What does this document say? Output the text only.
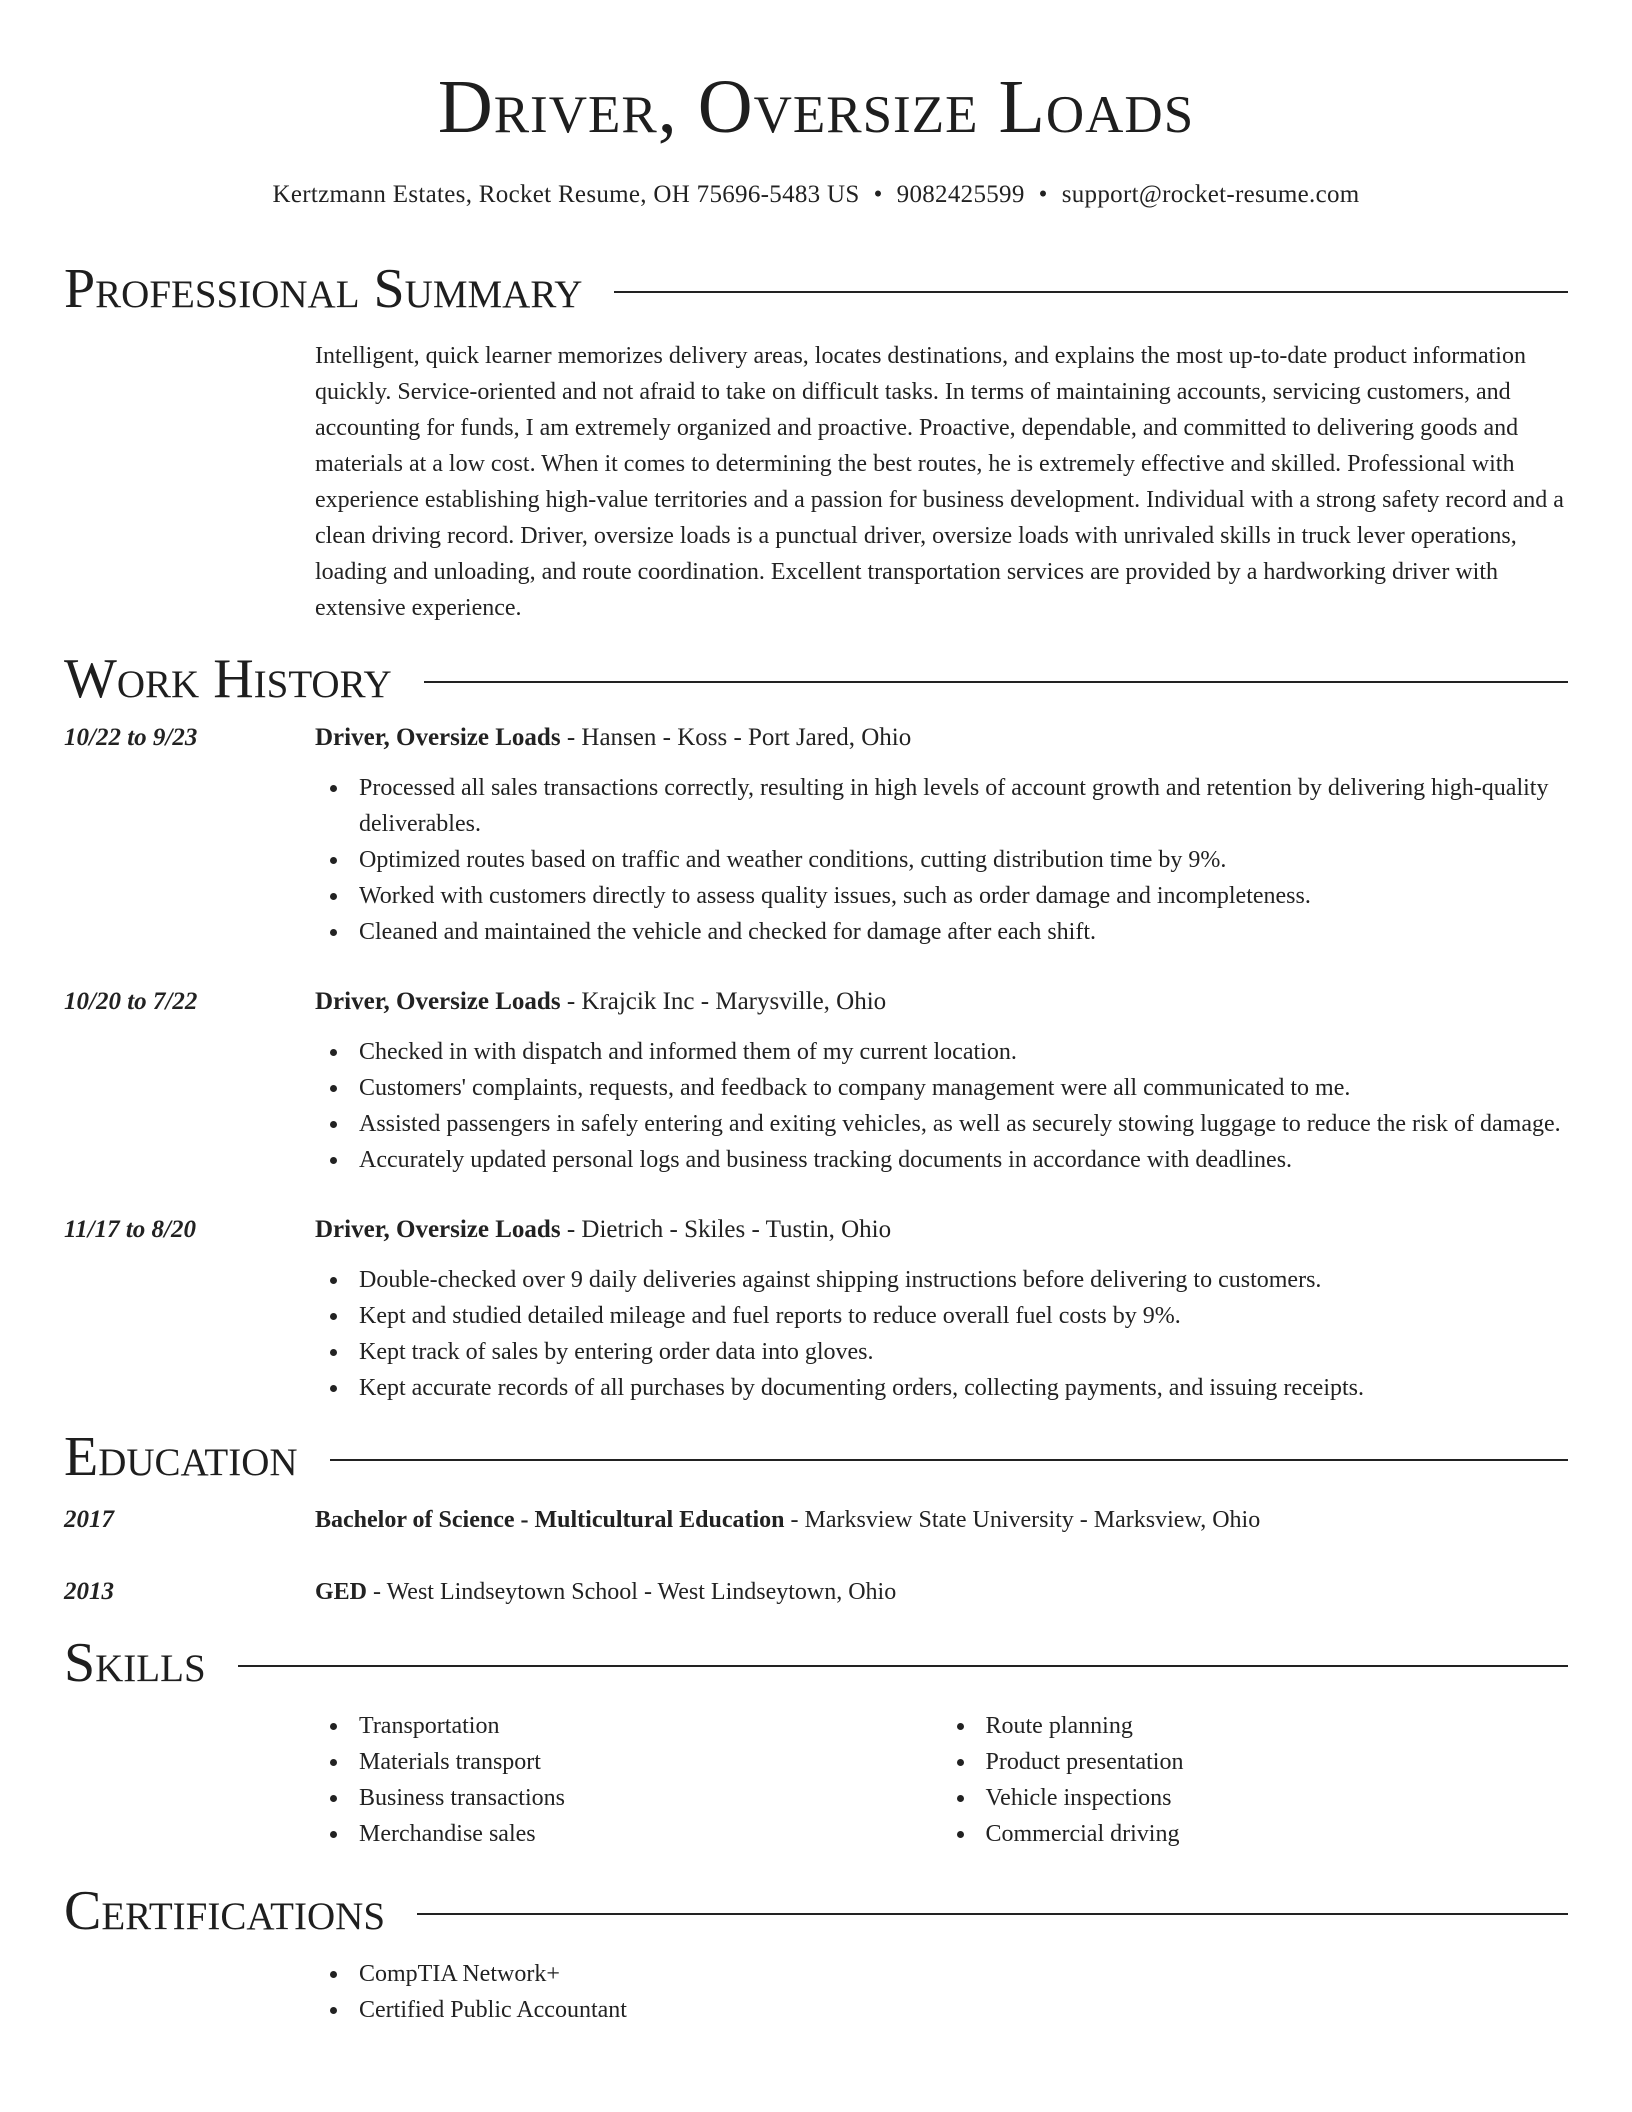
Driver, Oversize Loads
Kertzmann Estates, Rocket Resume, OH 75696-5483 US • 9082425599 • support@rocket-resume.com
Professional Summary
Intelligent, quick learner memorizes delivery areas, locates destinations, and explains the most up-to-date product information quickly. Service-oriented and not afraid to take on difficult tasks. In terms of maintaining accounts, servicing customers, and accounting for funds, I am extremely organized and proactive. Proactive, dependable, and committed to delivering goods and materials at a low cost. When it comes to determining the best routes, he is extremely effective and skilled. Professional with experience establishing high-value territories and a passion for business development. Individual with a strong safety record and a clean driving record. Driver, oversize loads is a punctual driver, oversize loads with unrivaled skills in truck lever operations, loading and unloading, and route coordination. Excellent transportation services are provided by a hardworking driver with extensive experience.
Work History
10/22 to 9/23	Driver, Oversize Loads - Hansen - Koss - Port Jared, Ohio
Processed all sales transactions correctly, resulting in high levels of account growth and retention by delivering high-quality deliverables.
Optimized routes based on traffic and weather conditions, cutting distribution time by 9%.
Worked with customers directly to assess quality issues, such as order damage and incompleteness.
Cleaned and maintained the vehicle and checked for damage after each shift.
10/20 to 7/22	Driver, Oversize Loads - Krajcik Inc - Marysville, Ohio
Checked in with dispatch and informed them of my current location.
Customers' complaints, requests, and feedback to company management were all communicated to me.
Assisted passengers in safely entering and exiting vehicles, as well as securely stowing luggage to reduce the risk of damage.
Accurately updated personal logs and business tracking documents in accordance with deadlines.
11/17 to 8/20	Driver, Oversize Loads - Dietrich - Skiles - Tustin, Ohio
Double-checked over 9 daily deliveries against shipping instructions before delivering to customers.
Kept and studied detailed mileage and fuel reports to reduce overall fuel costs by 9%.
Kept track of sales by entering order data into gloves.
Kept accurate records of all purchases by documenting orders, collecting payments, and issuing receipts.
Education
2017	Bachelor of Science - Multicultural Education - Marksview State University - Marksview, Ohio
2013	GED - West Lindseytown School - West Lindseytown, Ohio
Skills
Transportation
Materials transport
Business transactions
Merchandise sales
Route planning
Product presentation
Vehicle inspections
Commercial driving
Certifications
CompTIA Network+
Certified Public Accountant
